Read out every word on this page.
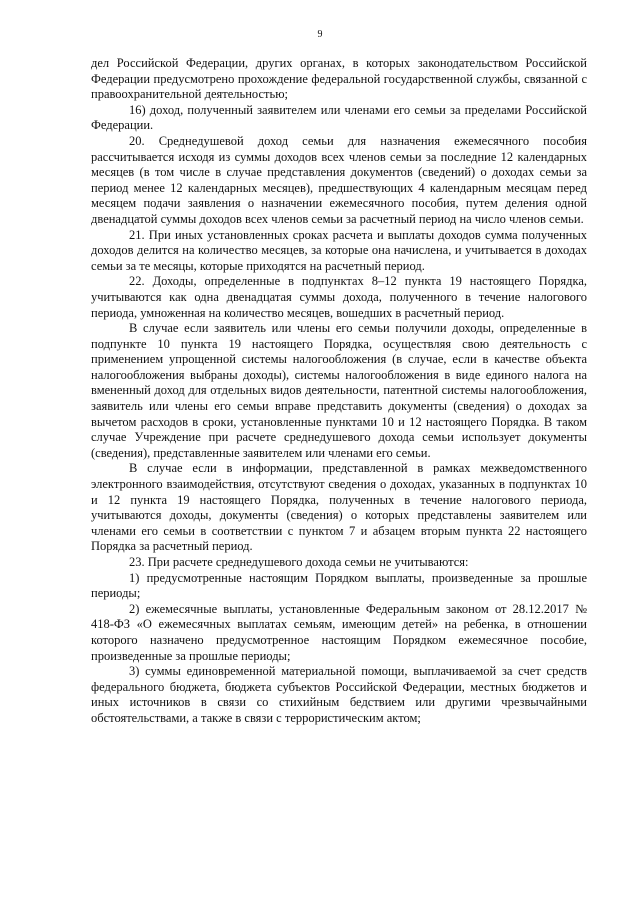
9

дел Российской Федерации, других органах, в которых законодательством Российской Федерации предусмотрено прохождение федеральной государственной службы, связанной с правоохранительной деятельностью;

16) доход, полученный заявителем или членами его семьи за пределами Российской Федерации.

20. Среднедушевой доход семьи для назначения ежемесячного пособия рассчитывается исходя из суммы доходов всех членов семьи за последние 12 календарных месяцев (в том числе в случае представления документов (сведений) о доходах семьи за период менее 12 календарных месяцев), предшествующих 4 календарным месяцам перед месяцем подачи заявления о назначении ежемесячного пособия, путем деления одной двенадцатой суммы доходов всех членов семьи за расчетный период на число членов семьи.

21. При иных установленных сроках расчета и выплаты доходов сумма полученных доходов делится на количество месяцев, за которые она начислена, и учитывается в доходах семьи за те месяцы, которые приходятся на расчетный период.

22. Доходы, определенные в подпунктах 8–12 пункта 19 настоящего Порядка, учитываются как одна двенадцатая суммы дохода, полученного в течение налогового периода, умноженная на количество месяцев, вошедших в расчетный период.

В случае если заявитель или члены его семьи получили доходы, определенные в подпункте 10 пункта 19 настоящего Порядка, осуществляя свою деятельность с применением упрощенной системы налогообложения (в случае, если в качестве объекта налогообложения выбраны доходы), системы налогообложения в виде единого налога на вмененный доход для отдельных видов деятельности, патентной системы налогообложения, заявитель или члены его семьи вправе представить документы (сведения) о доходах за вычетом расходов в сроки, установленные пунктами 10 и 12 настоящего Порядка. В таком случае Учреждение при расчете среднедушевого дохода семьи использует документы (сведения), представленные заявителем или членами его семьи.

В случае если в информации, представленной в рамках межведомственного электронного взаимодействия, отсутствуют сведения о доходах, указанных в подпунктах 10 и 12 пункта 19 настоящего Порядка, полученных в течение налогового периода, учитываются доходы, документы (сведения) о которых представлены заявителем или членами его семьи в соответствии с пунктом 7 и абзацем вторым пункта 22 настоящего Порядка за расчетный период.

23. При расчете среднедушевого дохода семьи не учитываются:

1) предусмотренные настоящим Порядком выплаты, произведенные за прошлые периоды;

2) ежемесячные выплаты, установленные Федеральным законом от 28.12.2017 № 418-ФЗ «О ежемесячных выплатах семьям, имеющим детей» на ребенка, в отношении которого назначено предусмотренное настоящим Порядком ежемесячное пособие, произведенные за прошлые периоды;

3) суммы единовременной материальной помощи, выплачиваемой за счет средств федерального бюджета, бюджета субъектов Российской Федерации, местных бюджетов и иных источников в связи со стихийным бедствием или другими чрезвычайными обстоятельствами, а также в связи с террористическим актом;
